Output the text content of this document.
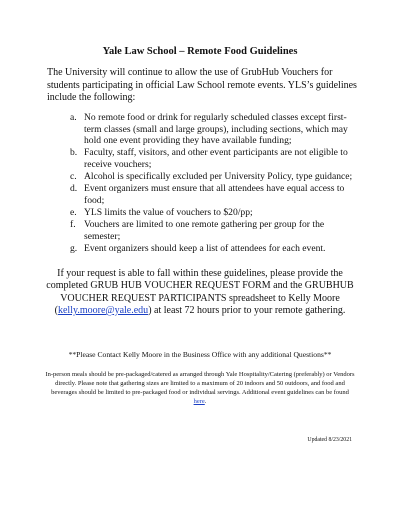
Yale Law School – Remote Food Guidelines

The University will continue to allow the use of GrubHub Vouchers for students participating in official Law School remote events. YLS’s guidelines include the following:

a. No remote food or drink for regularly scheduled classes except first-term classes (small and large groups), including sections, which may hold one event providing they have available funding;
b. Faculty, staff, visitors, and other event participants are not eligible to receive vouchers;
c. Alcohol is specifically excluded per University Policy, type guidance;
d. Event organizers must ensure that all attendees have equal access to food;
e. YLS limits the value of vouchers to $20/pp;
f. Vouchers are limited to one remote gathering per group for the semester;
g. Event organizers should keep a list of attendees for each event.

If your request is able to fall within these guidelines, please provide the completed GRUB HUB VOUCHER REQUEST FORM and the GRUBHUB VOUCHER REQUEST PARTICIPANTS spreadsheet to Kelly Moore (kelly.moore@yale.edu) at least 72 hours prior to your remote gathering.

**Please Contact Kelly Moore in the Business Office with any additional Questions**

In-person meals should be pre-packaged/catered as arranged through Yale Hospitality/Catering (preferably) or Vendors directly. Please note that gathering sizes are limited to a maximum of 20 indoors and 50 outdoors, and food and beverages should be limited to pre-packaged food or individual servings. Additional event guidelines can be found here.

Updated 8/23/2021
